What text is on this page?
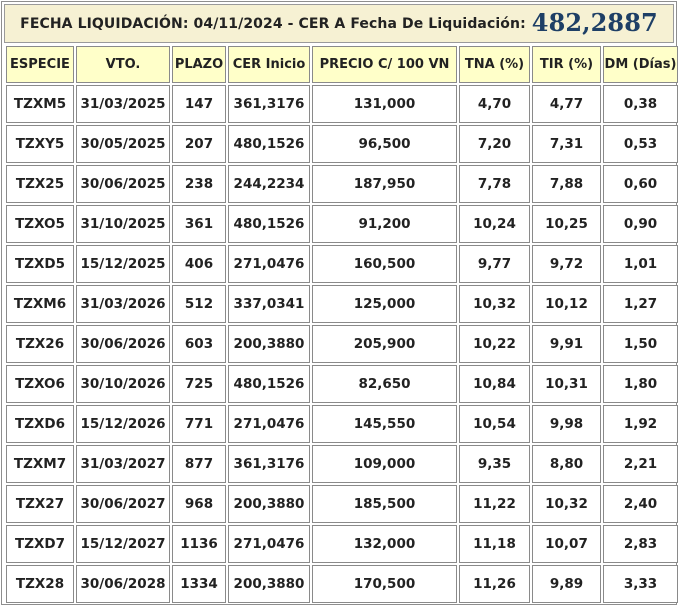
FECHA LIQUIDACIÓN: 04/11/2024 - CER A Fecha De Liquidación: 482,2887
ESPECIE	VTO.	PLAZO	CER Inicio	PRECIO C/ 100 VN	TNA (%)	TIR (%)	DM (Días)
TZXM5	31/03/2025	147	361,3176	131,000	4,70	4,77	0,38
TZXY5	30/05/2025	207	480,1526	96,500	7,20	7,31	0,53
TZX25	30/06/2025	238	244,2234	187,950	7,78	7,88	0,60
TZXO5	31/10/2025	361	480,1526	91,200	10,24	10,25	0,90
TZXD5	15/12/2025	406	271,0476	160,500	9,77	9,72	1,01
TZXM6	31/03/2026	512	337,0341	125,000	10,32	10,12	1,27
TZX26	30/06/2026	603	200,3880	205,900	10,22	9,91	1,50
TZXO6	30/10/2026	725	480,1526	82,650	10,84	10,31	1,80
TZXD6	15/12/2026	771	271,0476	145,550	10,54	9,98	1,92
TZXM7	31/03/2027	877	361,3176	109,000	9,35	8,80	2,21
TZX27	30/06/2027	968	200,3880	185,500	11,22	10,32	2,40
TZXD7	15/12/2027	1136	271,0476	132,000	11,18	10,07	2,83
TZX28	30/06/2028	1334	200,3880	170,500	11,26	9,89	3,33
